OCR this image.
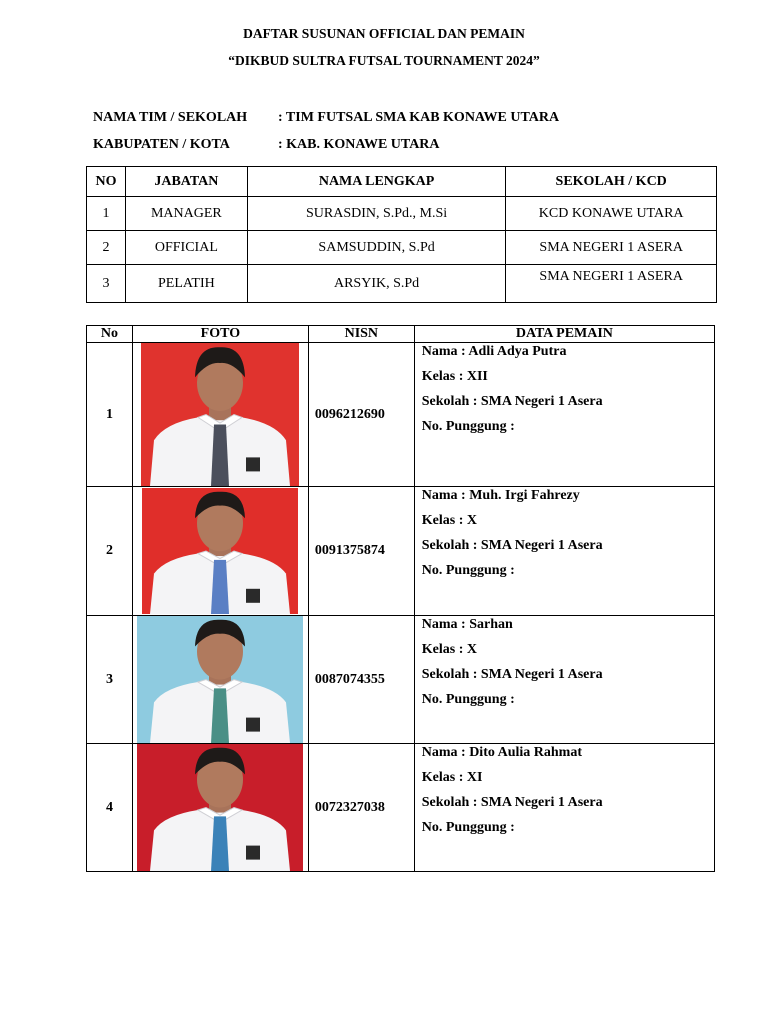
DAFTAR SUSUNAN OFFICIAL DAN PEMAIN
“DIKBUD SULTRA FUTSAL TOURNAMENT 2024”
NAMA TIM / SEKOLAH : TIM FUTSAL SMA KAB KONAWE UTARA
KABUPATEN / KOTA	: KAB. KONAWE UTARA
NO	JABATAN	NAMA LENGKAP	SEKOLAH / KCD
1	MANAGER	SURASDIN, S.Pd., M.Si	KCD KONAWE UTARA
2	OFFICIAL	SAMSUDDIN, S.Pd	SMA NEGERI 1 ASERA
3	PELATIH	ARSYIK, S.Pd	SMA NEGERI 1 ASERA
No	FOTO	NISN	DATA PEMAIN
1		0096212690	Nama : Adli Adya Putra
Kelas : XII
Sekolah : SMA Negeri 1 Asera
No. Punggung :

2		0091375874	Nama : Muh. Irgi Fahrezy
Kelas : X
Sekolah : SMA Negeri 1 Asera
No. Punggung :

3		0087074355	Nama : Sarhan
Kelas : X
Sekolah : SMA Negeri 1 Asera
No. Punggung :

4		0072327038	Nama : Dito Aulia Rahmat
Kelas : XI
Sekolah : SMA Negeri 1 Asera
No. Punggung :
